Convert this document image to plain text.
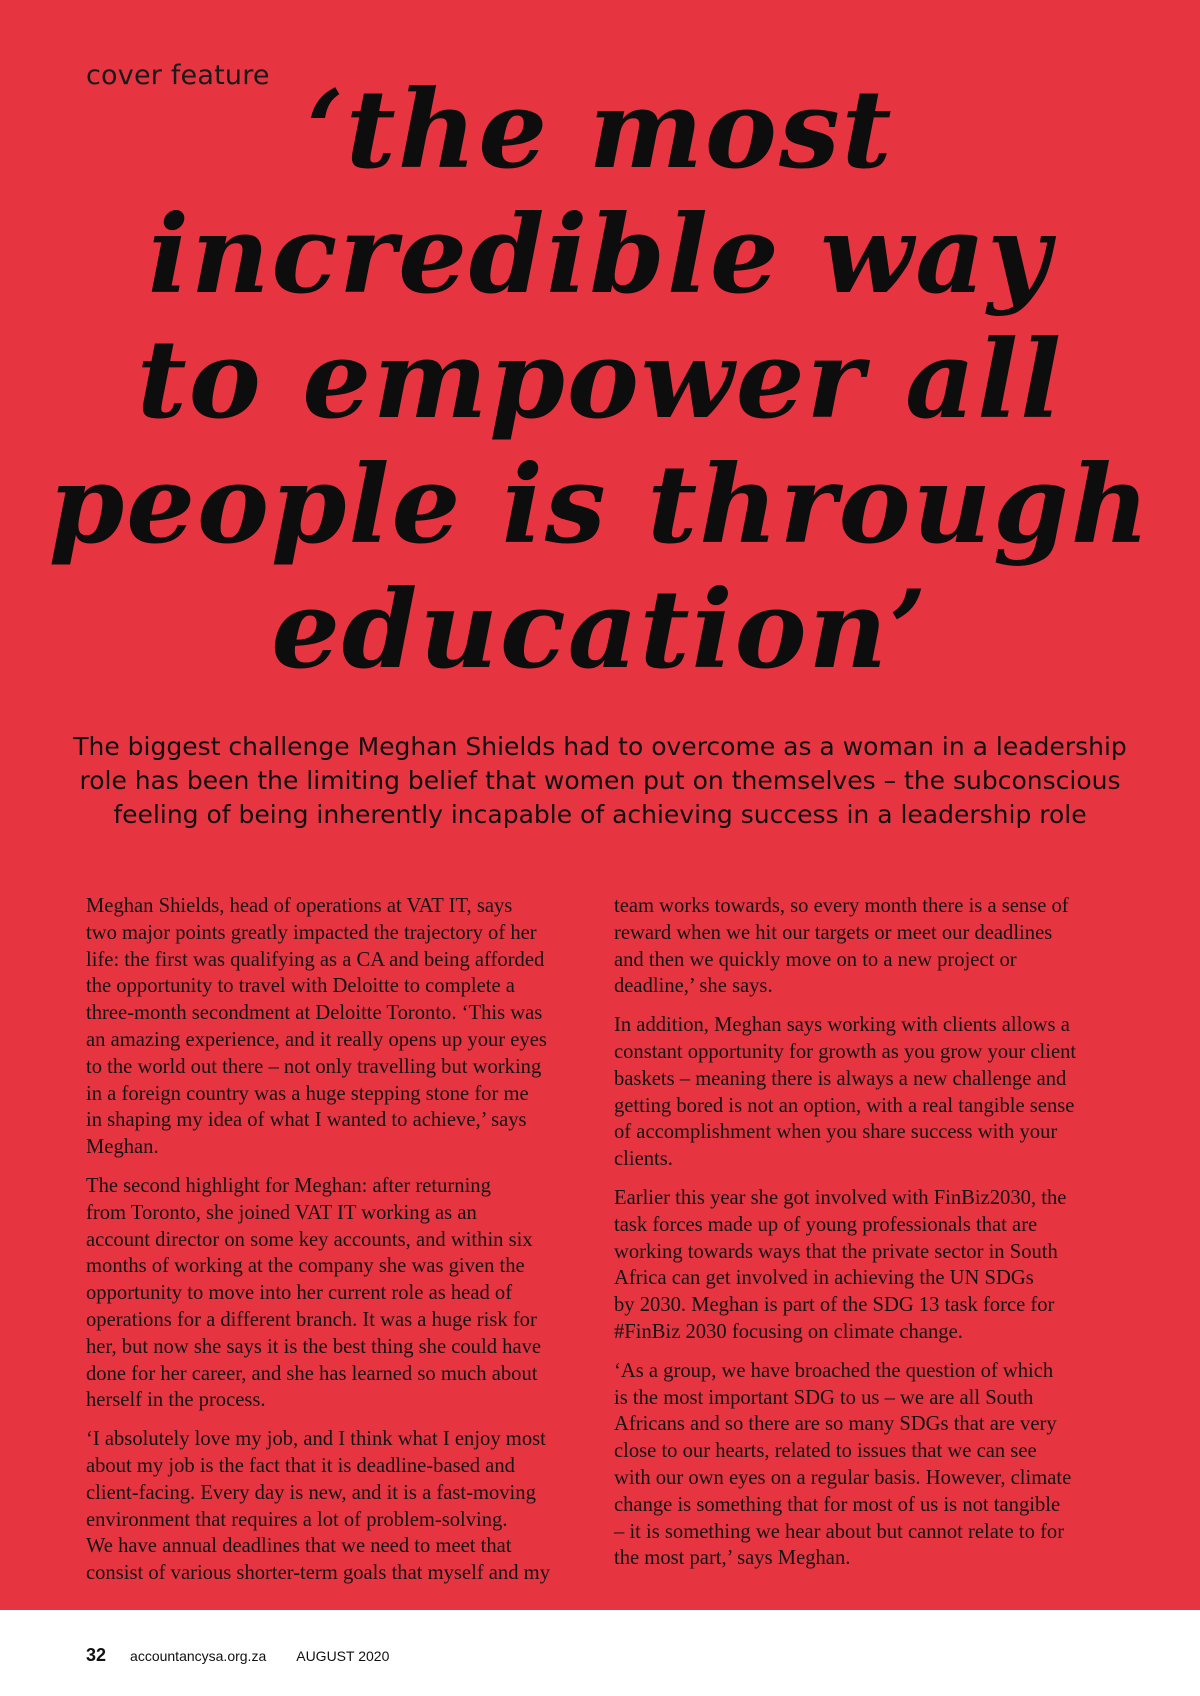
cover feature ‘the most
incredible way
to empower all
people is through
education’
The biggest challenge Meghan Shields had to overcome as a woman in a leadership
role has been the limiting belief that women put on themselves – the subconscious
feeling of being inherently incapable of achieving success in a leadership role

Meghan Shields, head of operations at VAT IT, says
two major points greatly impacted the trajectory of her
life: the first was qualifying as a CA and being afforded
the opportunity to travel with Deloitte to complete a
three-month secondment at Deloitte Toronto. ‘This was
an amazing experience, and it really opens up your eyes
to the world out there – not only travelling but working
in a foreign country was a huge stepping stone for me
in shaping my idea of what I wanted to achieve,’ says
Meghan.

The second highlight for Meghan: after returning
from Toronto, she joined VAT IT working as an
account director on some key accounts, and within six
months of working at the company she was given the
opportunity to move into her current role as head of
operations for a different branch. It was a huge risk for
her, but now she says it is the best thing she could have
done for her career, and she has learned so much about
herself in the process.

‘I absolutely love my job, and I think what I enjoy most
about my job is the fact that it is deadline-based and
client-facing. Every day is new, and it is a fast-moving
environment that requires a lot of problem-solving.
We have annual deadlines that we need to meet that
consist of various shorter-term goals that myself and my

team works towards, so every month there is a sense of
reward when we hit our targets or meet our deadlines
and then we quickly move on to a new project or
deadline,’ she says.

In addition, Meghan says working with clients allows a
constant opportunity for growth as you grow your client
baskets – meaning there is always a new challenge and
getting bored is not an option, with a real tangible sense
of accomplishment when you share success with your
clients.

Earlier this year she got involved with FinBiz2030, the
task forces made up of young professionals that are
working towards ways that the private sector in South
Africa can get involved in achieving the UN SDGs
by 2030. Meghan is part of the SDG 13 task force for
#FinBiz 2030 focusing on climate change.

‘As a group, we have broached the question of which
is the most important SDG to us – we are all South
Africans and so there are so many SDGs that are very
close to our hearts, related to issues that we can see
with our own eyes on a regular basis. However, climate
change is something that for most of us is not tangible
– it is something we hear about but cannot relate to for
the most part,’ says Meghan.

32 accountancysa.org.za AUGUST 2020
